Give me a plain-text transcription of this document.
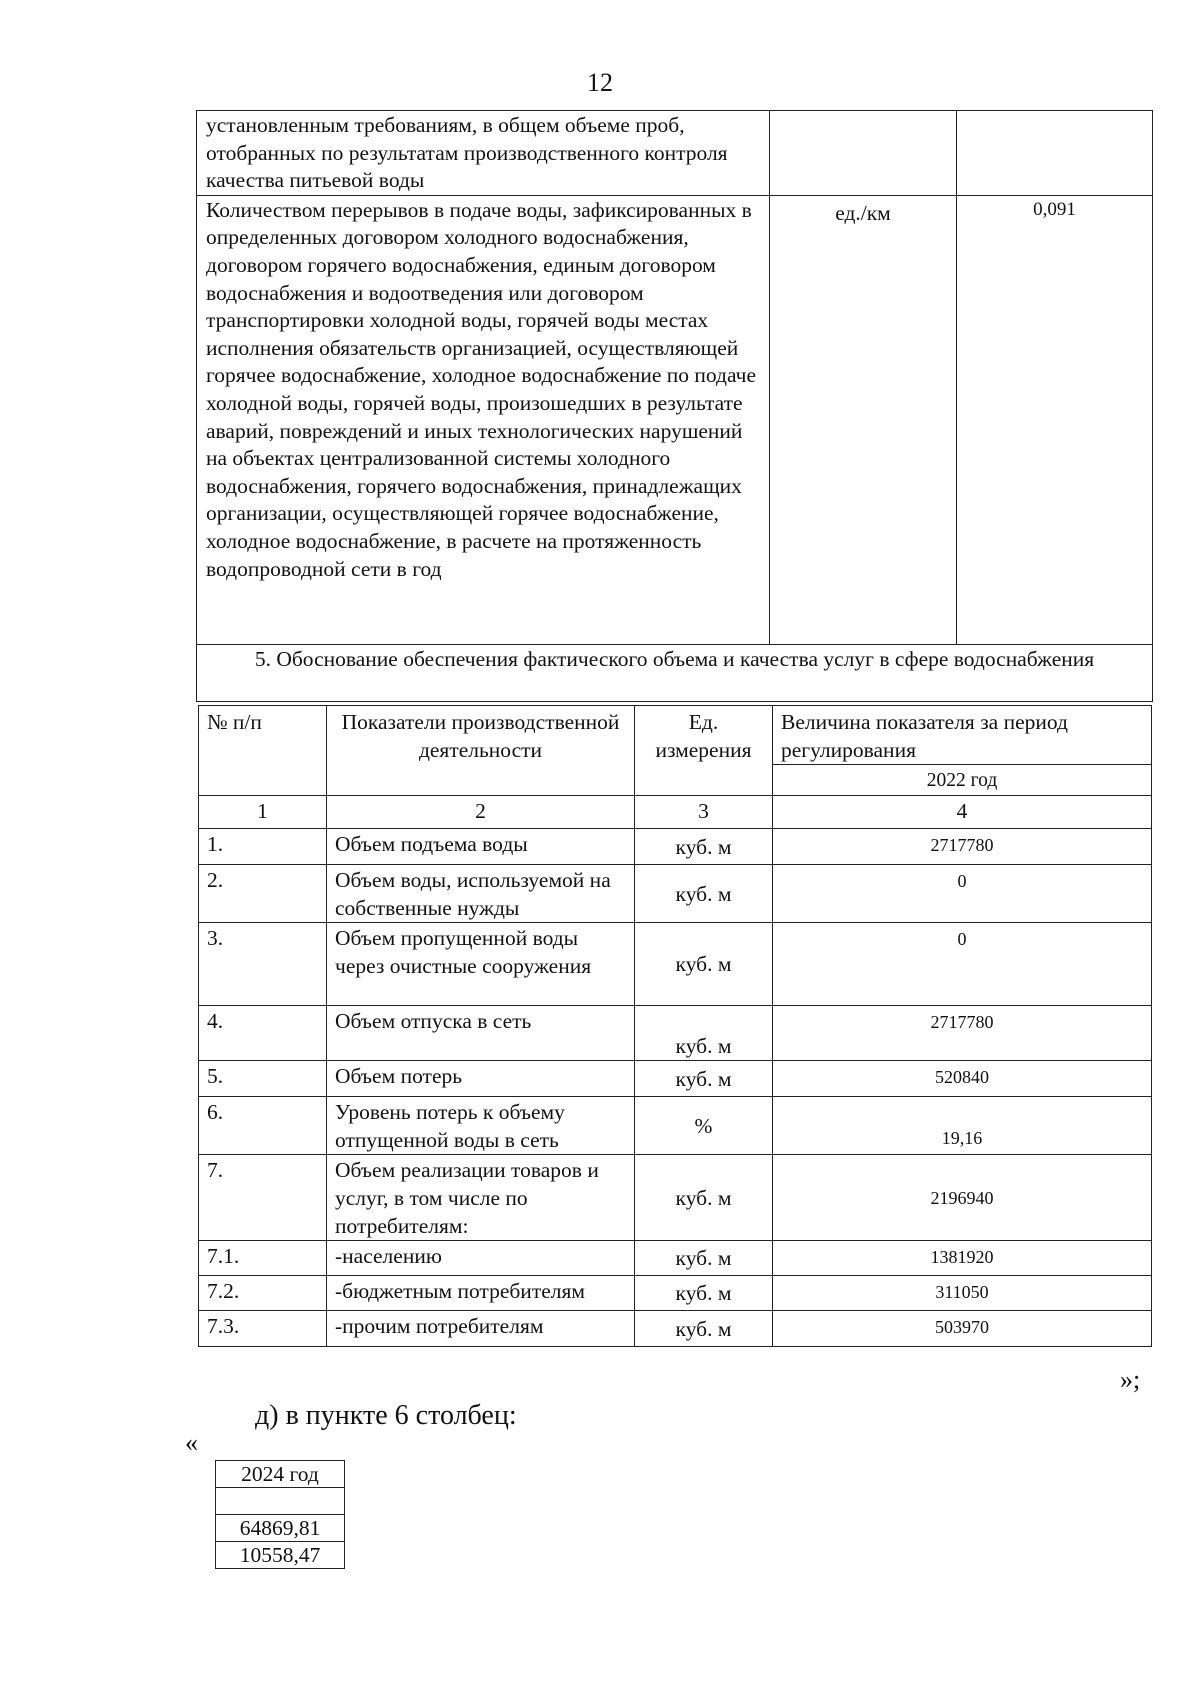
12
установленным требованиям, в общем объеме проб, отобранных по результатам производственного контроля качества питьевой воды		
Количеством перерывов в подаче воды, зафиксированных в определенных договором холодного водоснабжения, договором горячего водоснабжения, единым договором водоснабжения и водоотведения или договором транспортировки холодной воды, горячей воды местах исполнения обязательств организацией, осуществляющей горячее водоснабжение, холодное водоснабжение по подаче холодной воды, горячей воды, произошедших в результате аварий, повреждений и иных технологических нарушений на объектах централизованной системы холодного водоснабжения, горячего водоснабжения, принадлежащих организации, осуществляющей горячее водоснабжение, холодное водоснабжение, в расчете на протяженность водопроводной сети в год	ед./км	0,091
5. Обоснование обеспечения фактического объема и качества услуг в сфере водоснабжения		
№ п/п	Показатели производственной деятельности	Ед. измерения	Величина показателя за период регулирования
			2022 год
1	2	3	4
1.	Объем подъема воды	куб. м	2717780
2.	Объем воды, используемой на собственные нужды	куб. м	0
3.	Объем пропущенной воды через очистные сооружения	куб. м	0
4.	Объем отпуска в сеть	куб. м	2717780
5.	Объем потерь	куб. м	520840
6.	Уровень потерь к объему отпущенной воды в сеть	%	19,16
7.	Объем реализации товаров и услуг, в том числе по потребителям:	куб. м	2196940
7.1.	-населению	куб. м	1381920
7.2.	-бюджетным потребителям	куб. м	311050
7.3.	-прочим потребителям	куб. м	503970
»;
д) в пункте 6 столбец:
«
2024 год

64869,81
10558,47
